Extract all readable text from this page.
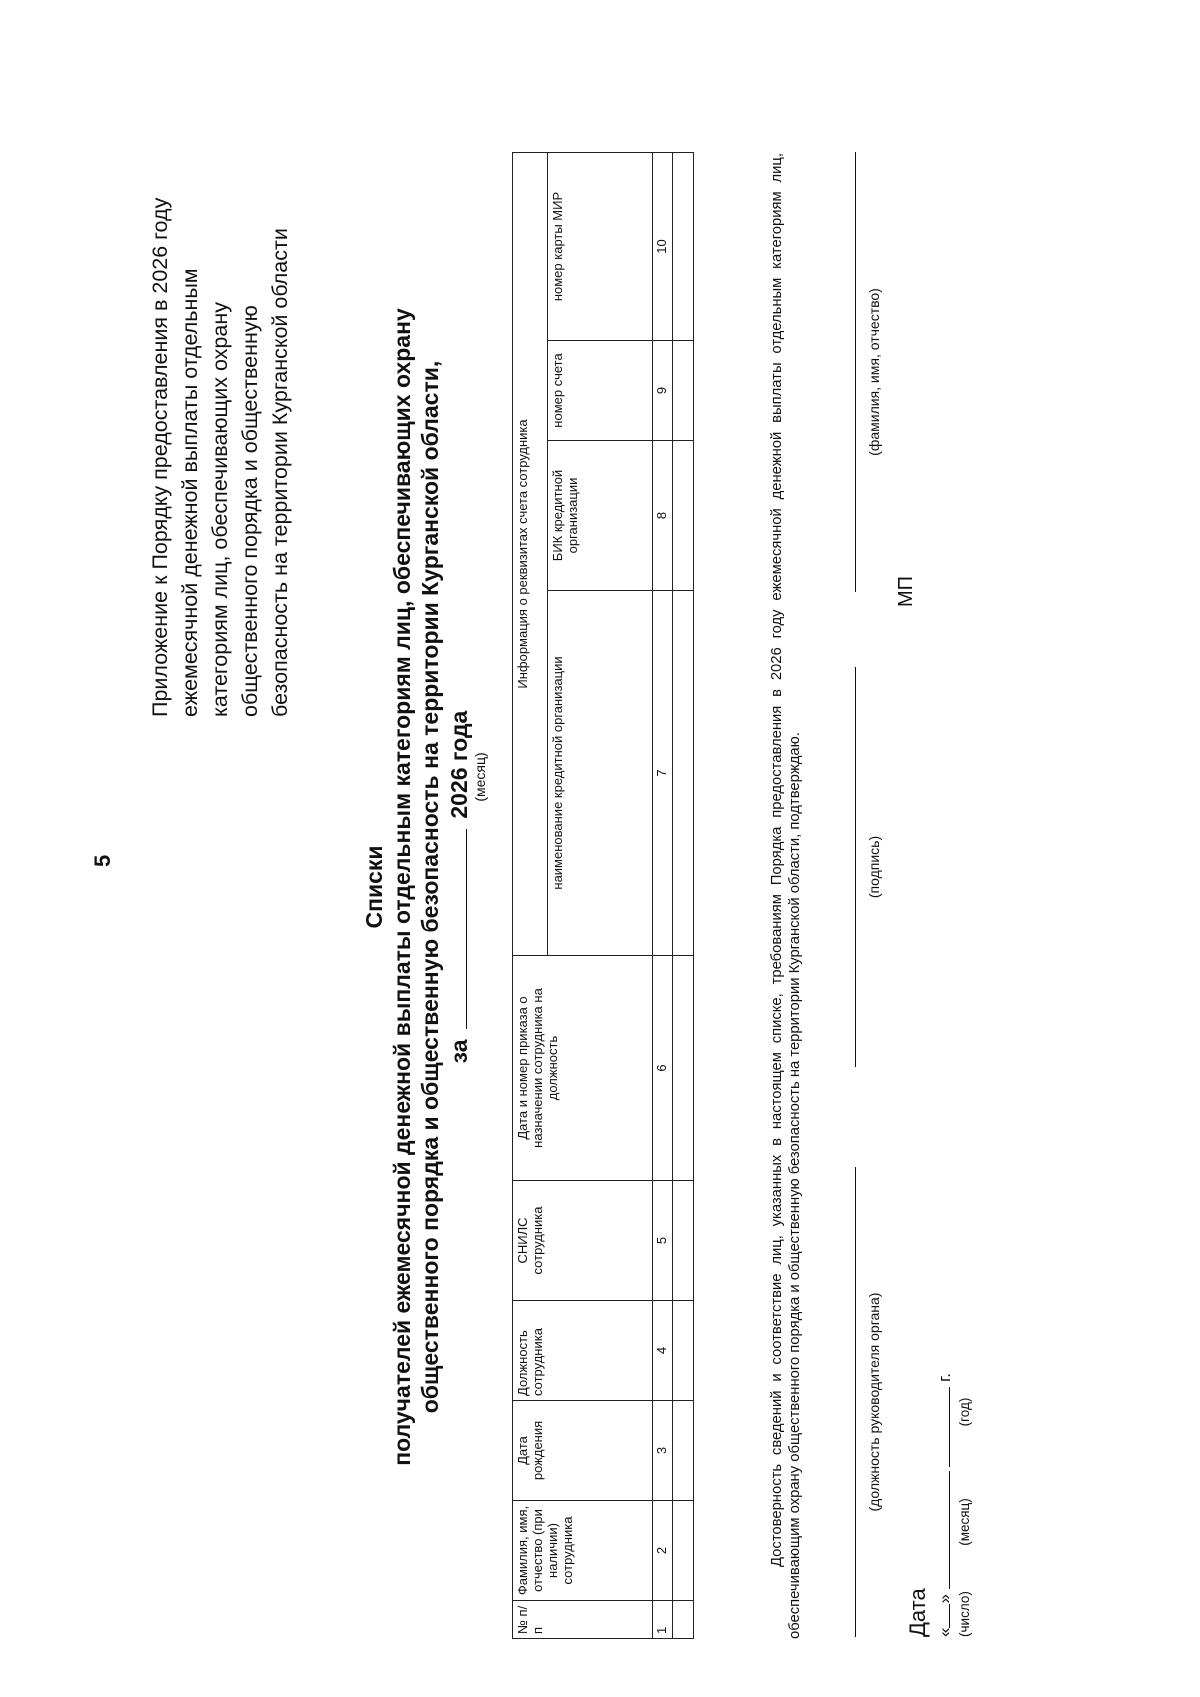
5
Приложение к Порядку предоставления в 2026 году ежемесячной денежной выплаты отдельным категориям лиц, обеспечивающих охрану общественного порядка и общественную безопасность на территории Курганской области
Списки получателей ежемесячной денежной выплаты отдельным категориям лиц, обеспечивающих охрану общественного порядка и общественную безопасность на территории Курганской области, за  2026 года (месяц)
№ п/п	Фамилия, имя, отчество (при наличии) сотрудника	Дата рождения	Должность сотрудника	СНИЛС сотрудника	Дата и номер приказа о назначении сотрудника на должность	Информация о реквизитах счета сотрудника			
						наименование кредитной организации	БИК кредитной организации	номер счета	номер карты МИР
1	2	3	4	5	6	7	8	9	10
										Достоверность сведений и соответствие лиц, указанных в настоящем списке, требованиям Порядка предоставления в 2026 году ежемесячной денежной выплаты отдельным категориям лиц, обеспечивающим охрану общественного порядка и общественную безопасность на территории Курганской области, подтверждаю.	(должность руководителя органа)
(подпись)
(фамилия, имя, отчество)
МП
Дата «»   г.
(число)
(месяц)
(год)
